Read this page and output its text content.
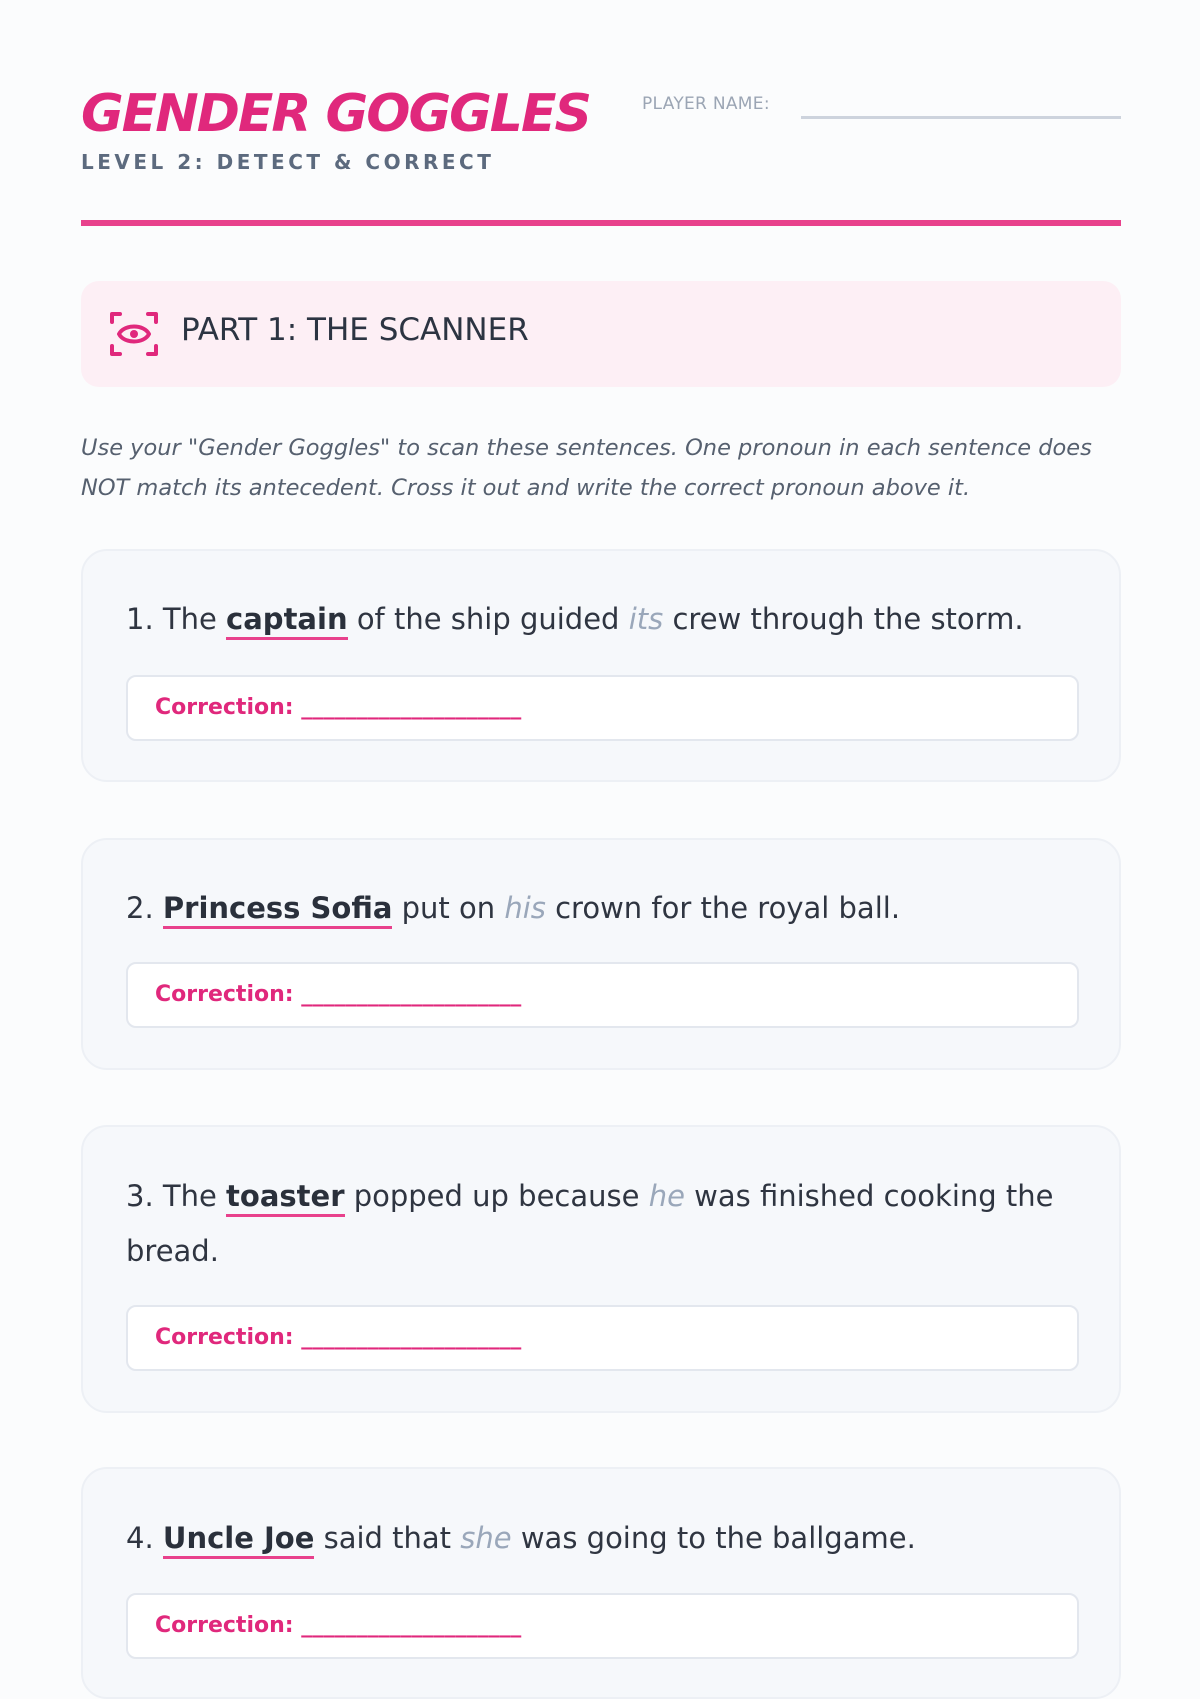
GENDER GOGGLES
LEVEL 2: DETECT & CORRECT
PLAYER NAME:
PART 1: THE SCANNER

Use your "Gender Goggles" to scan these sentences. One pronoun in each sentence does NOT match its antecedent. Cross it out and write the correct pronoun above it.

1. The captain of the ship guided its crew through the storm.

Correction: ____________________

2. Princess Sofia put on his crown for the royal ball.

Correction: ____________________

3. The toaster popped up because he was finished cooking the bread.

Correction: ____________________

4. Uncle Joe said that she was going to the ballgame.

Correction: ____________________
